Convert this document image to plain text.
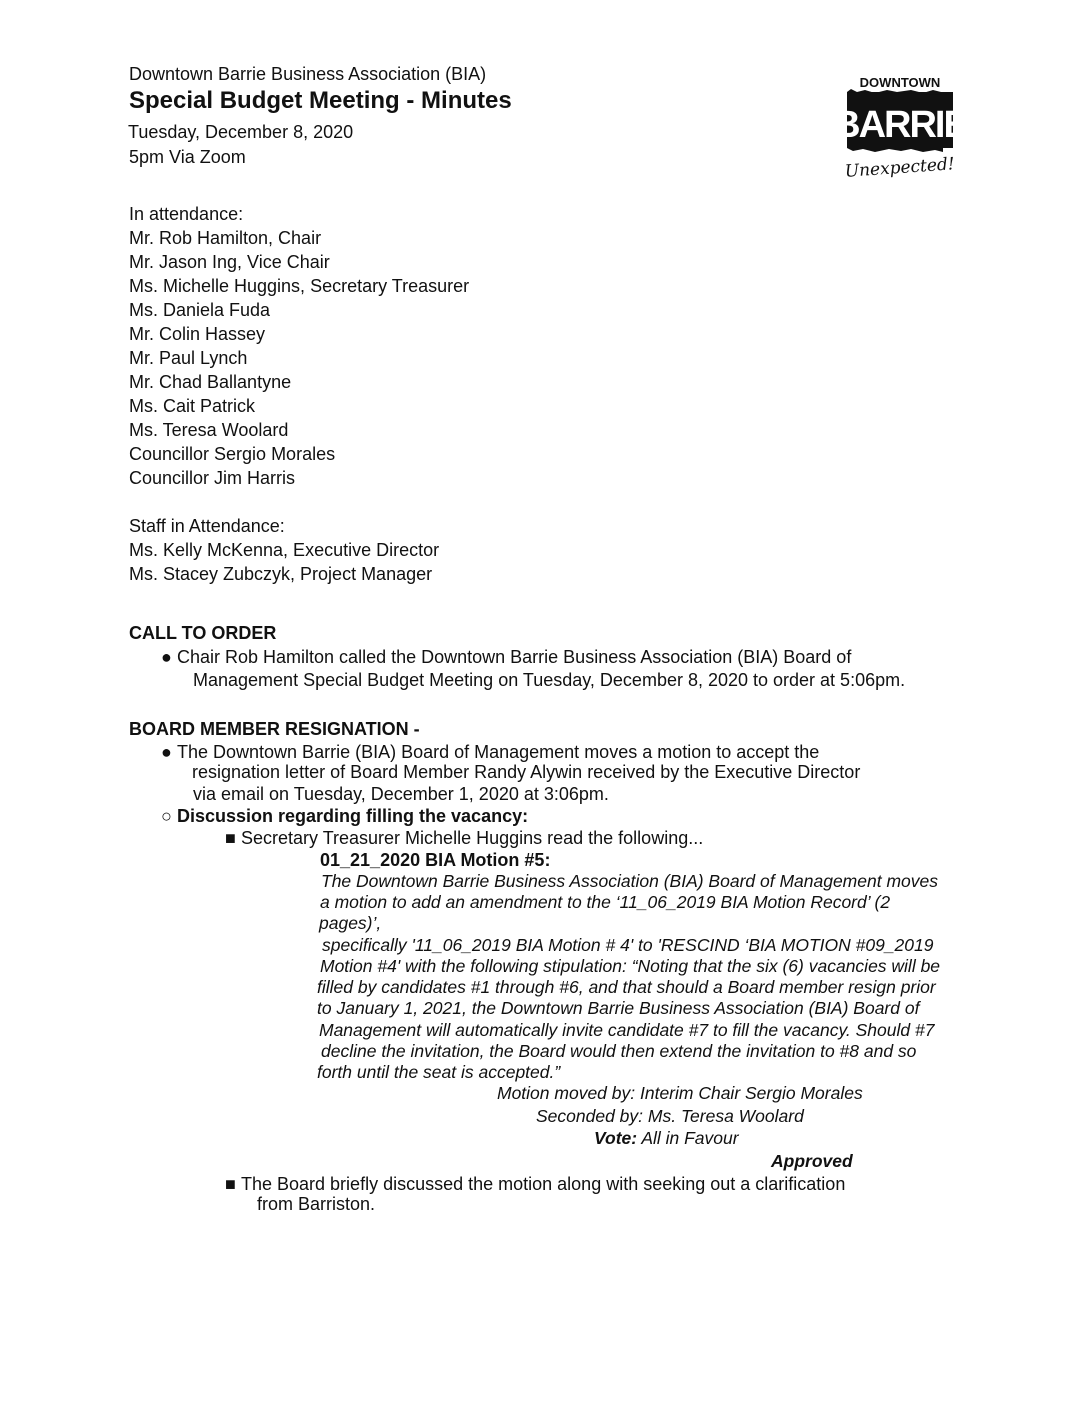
Downtown Barrie Business Association (BIA)
Special Budget Meeting - Minutes
Tuesday, December 8, 2020
5pm Via Zoom
DOWNTOWN
BARRIE
Unexpected!
In attendance:
Mr. Rob Hamilton, Chair
Mr. Jason Ing, Vice Chair
Ms. Michelle Huggins, Secretary Treasurer
Ms. Daniela Fuda
Mr. Colin Hassey
Mr. Paul Lynch
Mr. Chad Ballantyne
Ms. Cait Patrick
Ms. Teresa Woolard
Councillor Sergio Morales
Councillor Jim Harris
Staff in Attendance:
Ms. Kelly McKenna, Executive Director
Ms. Stacey Zubczyk, Project Manager
CALL TO ORDER
● Chair Rob Hamilton called the Downtown Barrie Business Association (BIA) Board of
Management Special Budget Meeting on Tuesday, December 8, 2020 to order at 5:06pm.
BOARD MEMBER RESIGNATION -
● The Downtown Barrie (BIA) Board of Management moves a motion to accept the
resignation letter of Board Member Randy Alywin received by the Executive Director
via email on Tuesday, December 1, 2020 at 3:06pm.
○ Discussion regarding filling the vacancy:
■ Secretary Treasurer Michelle Huggins read the following...
01_21_2020 BIA Motion #5:
The Downtown Barrie Business Association (BIA) Board of Management moves
a motion to add an amendment to the ‘11_06_2019 BIA Motion Record’ (2
pages)’,
specifically '11_06_2019 BIA Motion # 4' to 'RESCIND ‘BIA MOTION #09_2019
Motion #4' with the following stipulation: “Noting that the six (6) vacancies will be
filled by candidates #1 through #6, and that should a Board member resign prior
to January 1, 2021, the Downtown Barrie Business Association (BIA) Board of
Management will automatically invite candidate #7 to fill the vacancy. Should #7
decline the invitation, the Board would then extend the invitation to #8 and so
forth until the seat is accepted.”
Motion moved by: Interim Chair Sergio Morales
Seconded by: Ms. Teresa Woolard
Vote: All in Favour
Approved
■ The Board briefly discussed the motion along with seeking out a clarification
from Barriston.
